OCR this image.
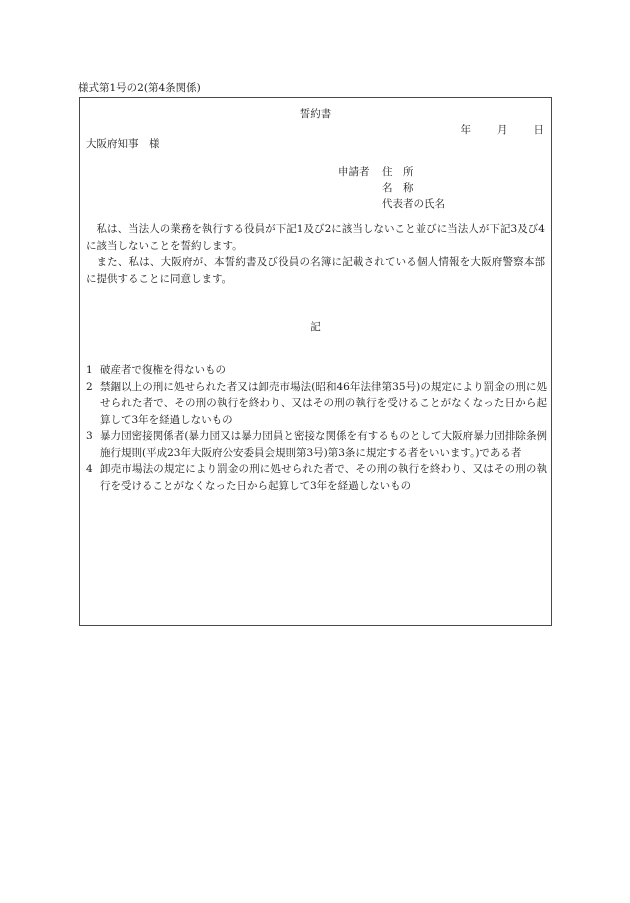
様式第1号の2(第4条関係)
誓約書
年 月 日
大阪府知事　様
申請者	住　所
名　称
代表者の氏名

私は、当法人の業務を執行する役員が下記1及び2に該当しないこと並びに当法人が下記3及び4に該当しないことを誓約します。

また、私は、大阪府が、本誓約書及び役員の名簿に記載されている個人情報を大阪府警察本部に提供することに同意します。

記
1 破産者で復権を得ないもの
2 禁錮以上の刑に処せられた者又は卸売市場法(昭和46年法律第35号)の規定により罰金の刑に処せられた者で、その刑の執行を終わり、又はその刑の執行を受けることがなくなった日から起算して3年を経過しないもの
3 暴力団密接関係者(暴力団又は暴力団員と密接な関係を有するものとして大阪府暴力団排除条例施行規則(平成23年大阪府公安委員会規則第3号)第3条に規定する者をいいます。)である者
4 卸売市場法の規定により罰金の刑に処せられた者で、その刑の執行を終わり、又はその刑の執行を受けることがなくなった日から起算して3年を経過しないもの
